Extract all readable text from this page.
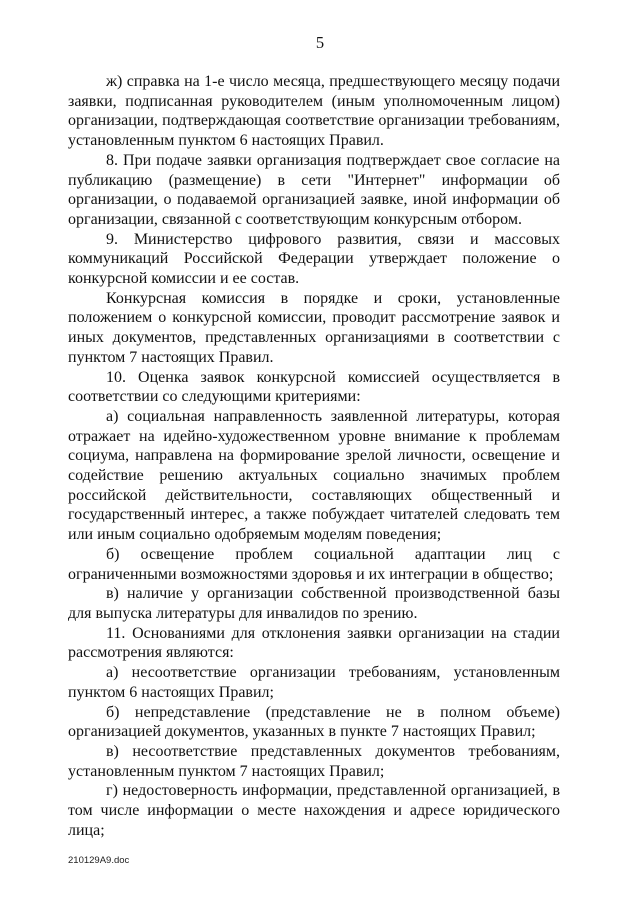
5

ж) справка на 1-е число месяца, предшествующего месяцу подачи заявки, подписанная руководителем (иным уполномоченным лицом) организации, подтверждающая соответствие организации требованиям, установленным пунктом 6 настоящих Правил.

8. При подаче заявки организация подтверждает свое согласие на публикацию (размещение) в сети "Интернет" информации об организации, о подаваемой организацией заявке, иной информации об организации, связанной с соответствующим конкурсным отбором.

9. Министерство цифрового развития, связи и массовых коммуникаций Российской Федерации утверждает положение о конкурсной комиссии и ее состав.

Конкурсная комиссия в порядке и сроки, установленные положением о конкурсной комиссии, проводит рассмотрение заявок и иных документов, представленных организациями в соответствии с пунктом 7 настоящих Правил.

10. Оценка заявок конкурсной комиссией осуществляется в соответствии со следующими критериями:

а) социальная направленность заявленной литературы, которая отражает на идейно-художественном уровне внимание к проблемам социума, направлена на формирование зрелой личности, освещение и содействие решению актуальных социально значимых проблем российской действительности, составляющих общественный и государственный интерес, а также побуждает читателей следовать тем или иным социально одобряемым моделям поведения;

б) освещение проблем социальной адаптации лиц с ограниченными возможностями здоровья и их интеграции в общество;

в) наличие у организации собственной производственной базы для выпуска литературы для инвалидов по зрению.

11. Основаниями для отклонения заявки организации на стадии рассмотрения являются:

а) несоответствие организации требованиям, установленным пунктом 6 настоящих Правил;

б) непредставление (представление не в полном объеме) организацией документов, указанных в пункте 7 настоящих Правил;

в) несоответствие представленных документов требованиям, установленным пунктом 7 настоящих Правил;

г) недостоверность информации, представленной организацией, в том числе информации о месте нахождения и адресе юридического лица;

210129A9.doc
